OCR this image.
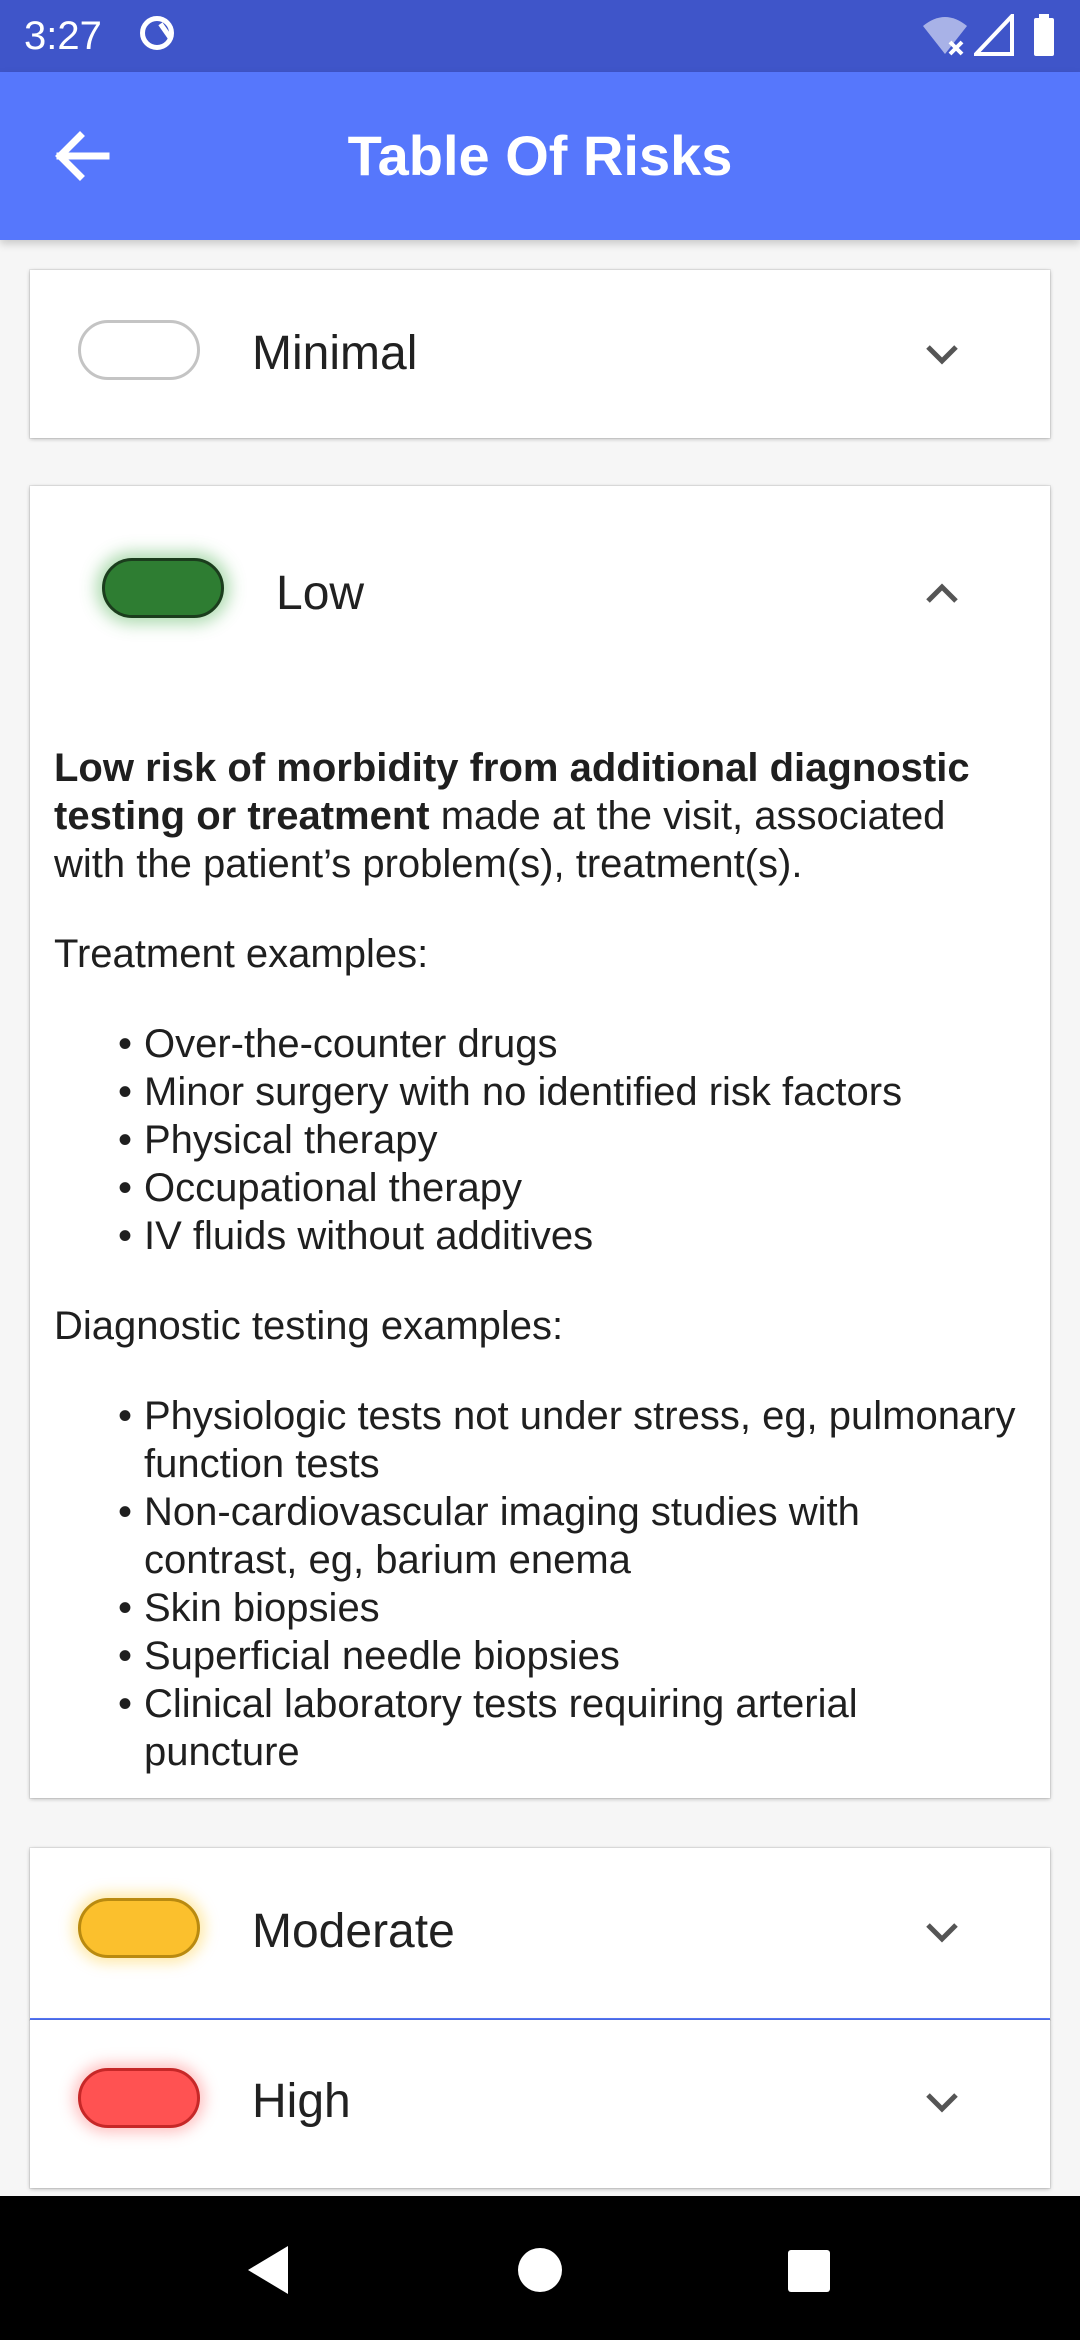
3:27
Table Of Risks
Minimal
Low

Low risk of morbidity from additional diagnostic testing or treatment made at the visit, associated with the patient’s problem(s), treatment(s).

Treatment examples:

• Over-the-counter drugs
• Minor surgery with no identified risk factors
• Physical therapy
• Occupational therapy
• IV fluids without additives

Diagnostic testing examples:

• Physiologic tests not under stress, eg, pulmonary function tests
• Non-cardiovascular imaging studies with contrast, eg, barium enema
• Skin biopsies
• Superficial needle biopsies
• Clinical laboratory tests requiring arterial puncture
Moderate
High
